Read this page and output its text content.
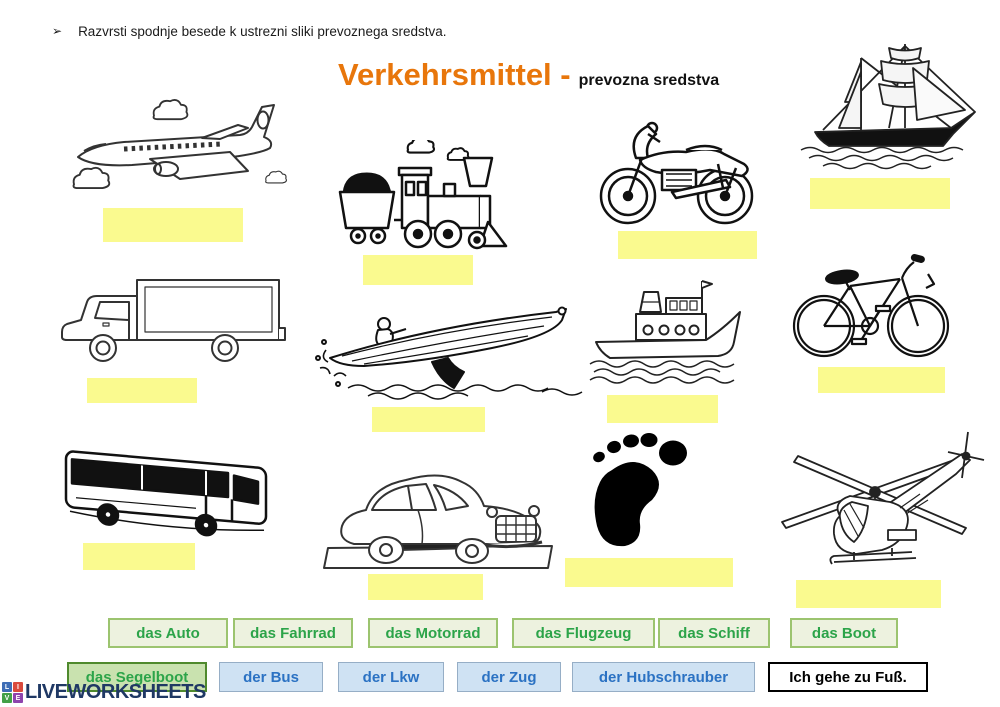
➢ Razvrsti spodnje besede k ustrezni sliki prevoznega sredstva.
Verkehrsmittel - prevozna sredstva
das Auto	das Fahrrad	das Motorrad	das Flugzeug	das Schiff	das Boot
das Segelboot	der Bus	der Lkw	der Zug	der Hubschrauber	Ich gehe zu Fuß.
L	I
V E LIVEWORKSHEETS
